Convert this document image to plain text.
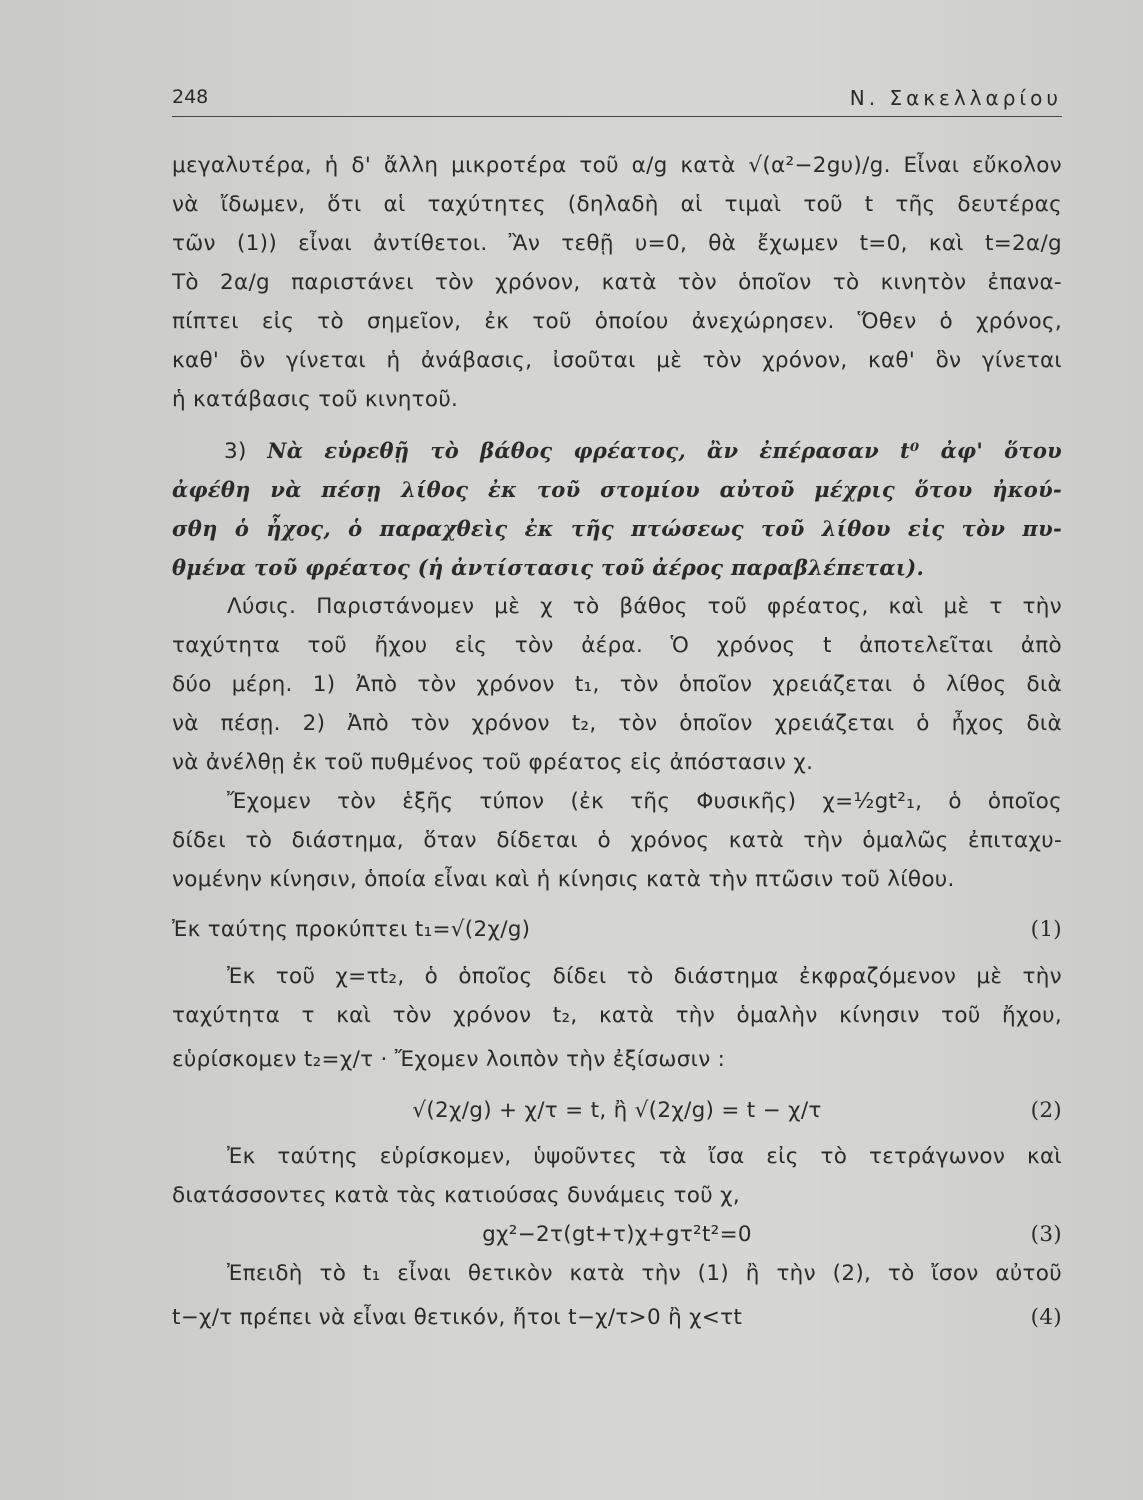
248	N. Σακελλαρίου
μεγαλυτέρα, ἡ δ' ἄλλη μικροτέρα τοῦ α/g κατὰ √(α²−2gυ)/g. Εἶναι εὔκολον
νὰ ἴδωμεν, ὅτι αἱ ταχύτητες (δηλαδὴ αἱ τιμαὶ τοῦ t τῆς δευτέρας
τῶν (1)) εἶναι ἀντίθετοι. Ἂν τεθῇ υ=0, θὰ ἔχωμεν t=0, καὶ t=2α/g
Τὸ 2α/g παριστάνει τὸν χρόνον, κατὰ τὸν ὁποῖον τὸ κινητὸν ἐπανα-
πίπτει εἰς τὸ σημεῖον, ἐκ τοῦ ὁποίου ἀνεχώρησεν. Ὅθεν ὁ χρόνος,
καθ' ὃν γίνεται ἡ ἀνάβασις, ἰσοῦται μὲ τὸν χρόνον, καθ' ὃν γίνεται
ἡ κατάβασις τοῦ κινητοῦ.
3) Νὰ εὑρεθῇ τὸ βάθος φρέατος, ἂν ἐπέρασαν t⁰ ἀφ' ὅτου
ἀφέθη νὰ πέσῃ λίθος ἐκ τοῦ στομίου αὐτοῦ μέχρις ὅτου ἠκού-
σθη ὁ ἦχος, ὁ παραχθεὶς ἐκ τῆς πτώσεως τοῦ λίθου εἰς τὸν πυ-
θμένα τοῦ φρέατος (ἡ ἀντίστασις τοῦ ἀέρος παραβλέπεται).
Λύσις. Παριστάνομεν μὲ χ τὸ βάθος τοῦ φρέατος, καὶ μὲ τ τὴν
ταχύτητα τοῦ ἤχου εἰς τὸν ἀέρα. Ὁ χρόνος t ἀποτελεῖται ἀπὸ
δύο μέρη. 1) Ἀπὸ τὸν χρόνον t₁, τὸν ὁποῖον χρειάζεται ὁ λίθος διὰ
νὰ πέσῃ. 2) Ἀπὸ τὸν χρόνον t₂, τὸν ὁποῖον χρειάζεται ὁ ἦχος διὰ
νὰ ἀνέλθῃ ἐκ τοῦ πυθμένος τοῦ φρέατος εἰς ἀπόστασιν χ.
Ἔχομεν τὸν ἑξῆς τύπον (ἐκ τῆς Φυσικῆς) χ=½gt²₁, ὁ ὁποῖος
δίδει τὸ διάστημα, ὅταν δίδεται ὁ χρόνος κατὰ τὴν ὁμαλῶς ἐπιταχυ-
νομένην κίνησιν, ὁποία εἶναι καὶ ἡ κίνησις κατὰ τὴν πτῶσιν τοῦ λίθου.
Ἐκ ταύτης προκύπτει t₁=√(2χ/g)	(1)
Ἐκ τοῦ χ=τt₂, ὁ ὁποῖος δίδει τὸ διάστημα ἐκφραζόμενον μὲ τὴν
ταχύτητα τ καὶ τὸν χρόνον t₂, κατὰ τὴν ὁμαλὴν κίνησιν τοῦ ἤχου,
εὑρίσκομεν t₂=χ/τ · Ἔχομεν λοιπὸν τὴν ἐξίσωσιν :
√(2χ/g) + χ/τ = t, ἢ √(2χ/g) = t − χ/τ	(2)
Ἐκ ταύτης εὑρίσκομεν, ὑψοῦντες τὰ ἴσα εἰς τὸ τετράγωνον καὶ
διατάσσοντες κατὰ τὰς κατιούσας δυνάμεις τοῦ χ,
gχ²−2τ(gt+τ)χ+gτ²t²=0	(3)
Ἐπειδὴ τὸ t₁ εἶναι θετικὸν κατὰ τὴν (1) ἢ τὴν (2), τὸ ἴσον αὐτοῦ
t−χ/τ πρέπει νὰ εἶναι θετικόν, ἤτοι t−χ/τ>0 ἢ χ<τt	(4)
